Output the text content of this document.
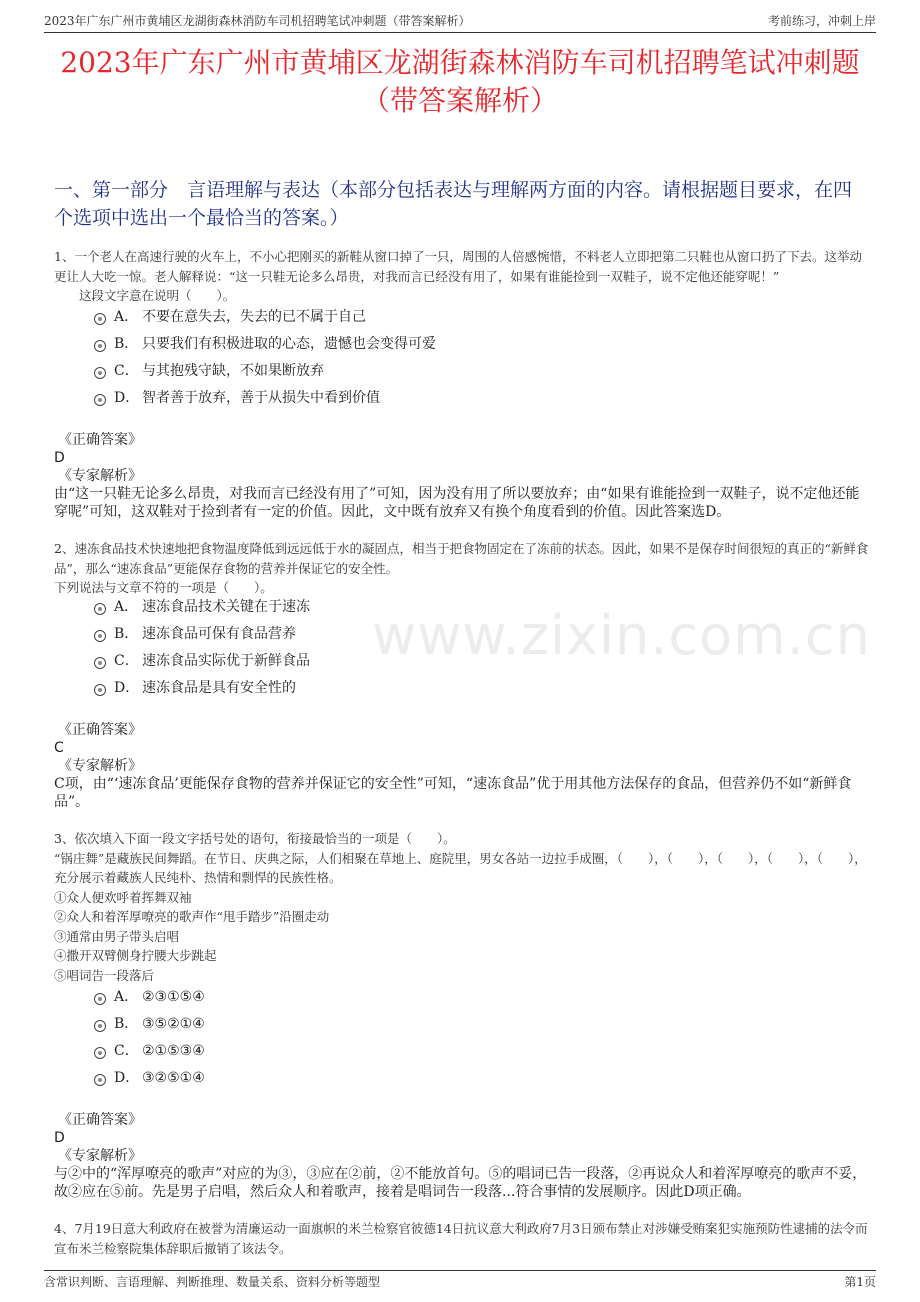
2023年广东广州市黄埔区龙湖街森林消防车司机招聘笔试冲刺题（带答案解析）	考前练习，冲刺上岸
2023年广东广州市黄埔区龙湖街森林消防车司机招聘笔试冲刺题（带答案解析）
一、第一部分　言语理解与表达（本部分包括表达与理解两方面的内容。请根据题目要求，在四个选项中选出一个最恰当的答案。）
www.zixin.com.cn

1、一个老人在高速行驶的火车上，不小心把刚买的新鞋从窗口掉了一只，周围的人倍感惋惜，不料老人立即把第二只鞋也从窗口扔了下去。这举动更让人大吃一惊。老人解释说：“这一只鞋无论多么昂贵，对我而言已经没有用了，如果有谁能捡到一双鞋子，说不定他还能穿呢！”

　　这段文字意在说明（　　）。

A． 不要在意失去，失去的已不属于自己
B． 只要我们有积极进取的心态，遗憾也会变得可爱
C． 与其抱残守缺，不如果断放弃
D． 智者善于放弃，善于从损失中看到价值
《正确答案》
D
《专家解析》
由“这一只鞋无论多么昂贵，对我而言已经没有用了”可知，因为没有用了所以要放弃；由“如果有谁能捡到一双鞋子，说不定他还能穿呢”可知，这双鞋对于捡到者有一定的价值。因此，文中既有放弃又有换个角度看到的价值。因此答案选D。

2、速冻食品技术快速地把食物温度降低到远远低于水的凝固点，相当于把食物固定在了冻前的状态。因此，如果不是保存时间很短的真正的“新鲜食品”，那么“速冻食品”更能保存食物的营养并保证它的安全性。

下列说法与文章不符的一项是（　　）。

A． 速冻食品技术关键在于速冻
B． 速冻食品可保有食品营养
C． 速冻食品实际优于新鲜食品
D． 速冻食品是具有安全性的
《正确答案》
C
《专家解析》
C项，由“‘速冻食品’更能保存食物的营养并保证它的安全性”可知，“速冻食品”优于用其他方法保存的食品，但营养仍不如“新鲜食品”。

3、依次填入下面一段文字括号处的语句，衔接最恰当的一项是（　　）。

“锅庄舞”是藏族民间舞蹈。在节日、庆典之际，人们相聚在草地上、庭院里，男女各站一边拉手成圈，（　　），（　　），（　　），（　　），（　　），充分展示着藏族人民纯朴、热情和剽悍的民族性格。

①众人便欢呼着挥舞双袖

②众人和着浑厚嘹亮的歌声作“甩手踏步”沿圈走动

③通常由男子带头启唱

④撒开双臂侧身拧腰大步跳起

⑤唱词告一段落后

A． ②③①⑤④
B． ③⑤②①④
C． ②①⑤③④
D． ③②⑤①④
《正确答案》
D
《专家解析》
与②中的“浑厚嘹亮的歌声”对应的为③，③应在②前，②不能放首句。⑤的唱词已告一段落，②再说众人和着浑厚嘹亮的歌声不妥，故②应在⑤前。先是男子启唱，然后众人和着歌声，接着是唱词告一段落...符合事情的发展顺序。因此D项正确。

4、7月19日意大利政府在被誉为清廉运动一面旗帜的米兰检察官彼德14日抗议意大利政府7月3日颁布禁止对涉嫌受贿案犯实施预防性逮捕的法令而宣布米兰检察院集体辞职后撤销了该法令。

含常识判断、言语理解、判断推理、数量关系、资料分析等题型	第1页
